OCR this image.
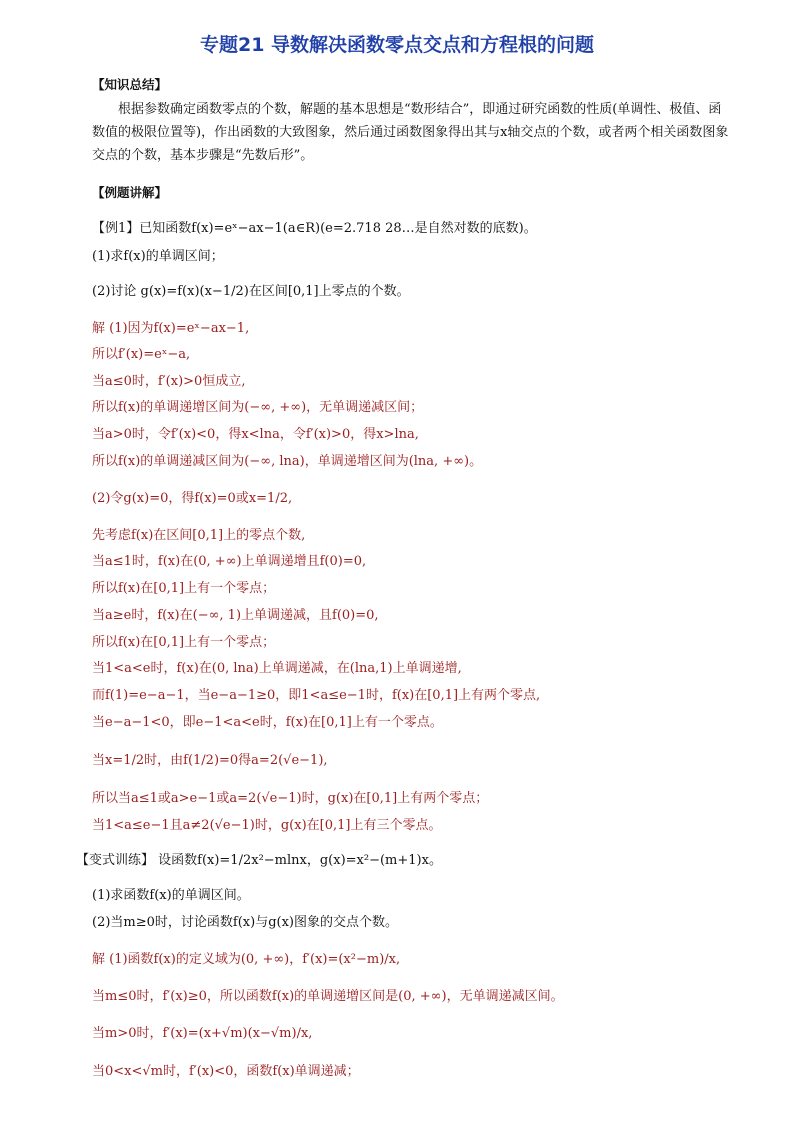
专题21 导数解决函数零点交点和方程根的问题
【知识总结】
根据参数确定函数零点的个数，解题的基本思想是“数形结合”，即通过研究函数的性质(单调性、极值、函数值的极限位置等)，作出函数的大致图象，然后通过函数图象得出其与x轴交点的个数，或者两个相关函数图象交点的个数，基本步骤是“先数后形”。
【例题讲解】
【例1】已知函数f(x)=eˣ−ax−1(a∈R)(e=2.718 28…是自然对数的底数)。
(1)求f(x)的单调区间；
(2)讨论 g(x)=f(x)(x−1/2)在区间[0,1]上零点的个数。
解 (1)因为f(x)=eˣ−ax−1,
所以f′(x)=eˣ−a,
当a≤0时，f′(x)>0恒成立,
所以f(x)的单调递增区间为(−∞, +∞)，无单调递减区间；
当a>0时，令f′(x)<0，得x<lna，令f′(x)>0，得x>lna,
所以f(x)的单调递减区间为(−∞, lna)，单调递增区间为(lna, +∞)。
(2)令g(x)=0，得f(x)=0或x=1/2,
先考虑f(x)在区间[0,1]上的零点个数,
当a≤1时，f(x)在(0, +∞)上单调递增且f(0)=0,
所以f(x)在[0,1]上有一个零点；
当a≥e时，f(x)在(−∞, 1)上单调递减，且f(0)=0,
所以f(x)在[0,1]上有一个零点；
当1<a<e时，f(x)在(0, lna)上单调递减，在(lna,1)上单调递增,
而f(1)=e−a−1，当e−a−1≥0，即1<a≤e−1时，f(x)在[0,1]上有两个零点,
当e−a−1<0，即e−1<a<e时，f(x)在[0,1]上有一个零点。
当x=1/2时，由f(1/2)=0得a=2(√e−1),
所以当a≤1或a>e−1或a=2(√e−1)时，g(x)在[0,1]上有两个零点；
当1<a≤e−1且a≠2(√e−1)时，g(x)在[0,1]上有三个零点。
【变式训练】 设函数f(x)=1/2x²−mlnx，g(x)=x²−(m+1)x。
(1)求函数f(x)的单调区间。
(2)当m≥0时，讨论函数f(x)与g(x)图象的交点个数。
解 (1)函数f(x)的定义域为(0, +∞)，f′(x)=(x²−m)/x,
当m≤0时，f′(x)≥0，所以函数f(x)的单调递增区间是(0, +∞)，无单调递减区间。
当m>0时，f′(x)=(x+√m)(x−√m)/x,
当0<x<√m时，f′(x)<0，函数f(x)单调递减；
